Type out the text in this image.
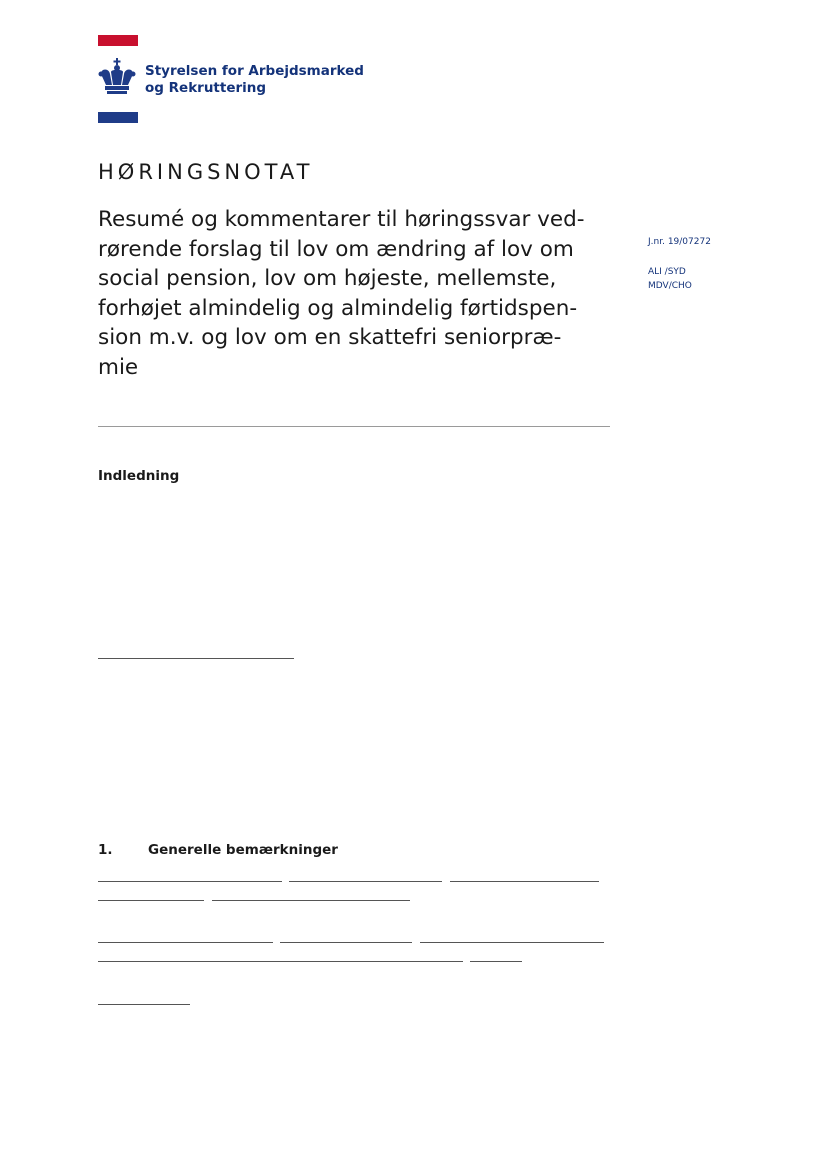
Styrelsen for Arbejdsmarked
og Rekruttering
HØRINGSNOTAT
Resumé og kommentarer til høringssvar ved-
rørende forslag til lov om ændring af lov om
social pension, lov om højeste, mellemste,
forhøjet almindelig og almindelig førtidspen-
sion m.v. og lov om en skattefri seniorpræ-
mie
J.nr. 19/07272
ALI /SYD
MDV/CHO
Indledning
1.	Generelle bemærkninger
